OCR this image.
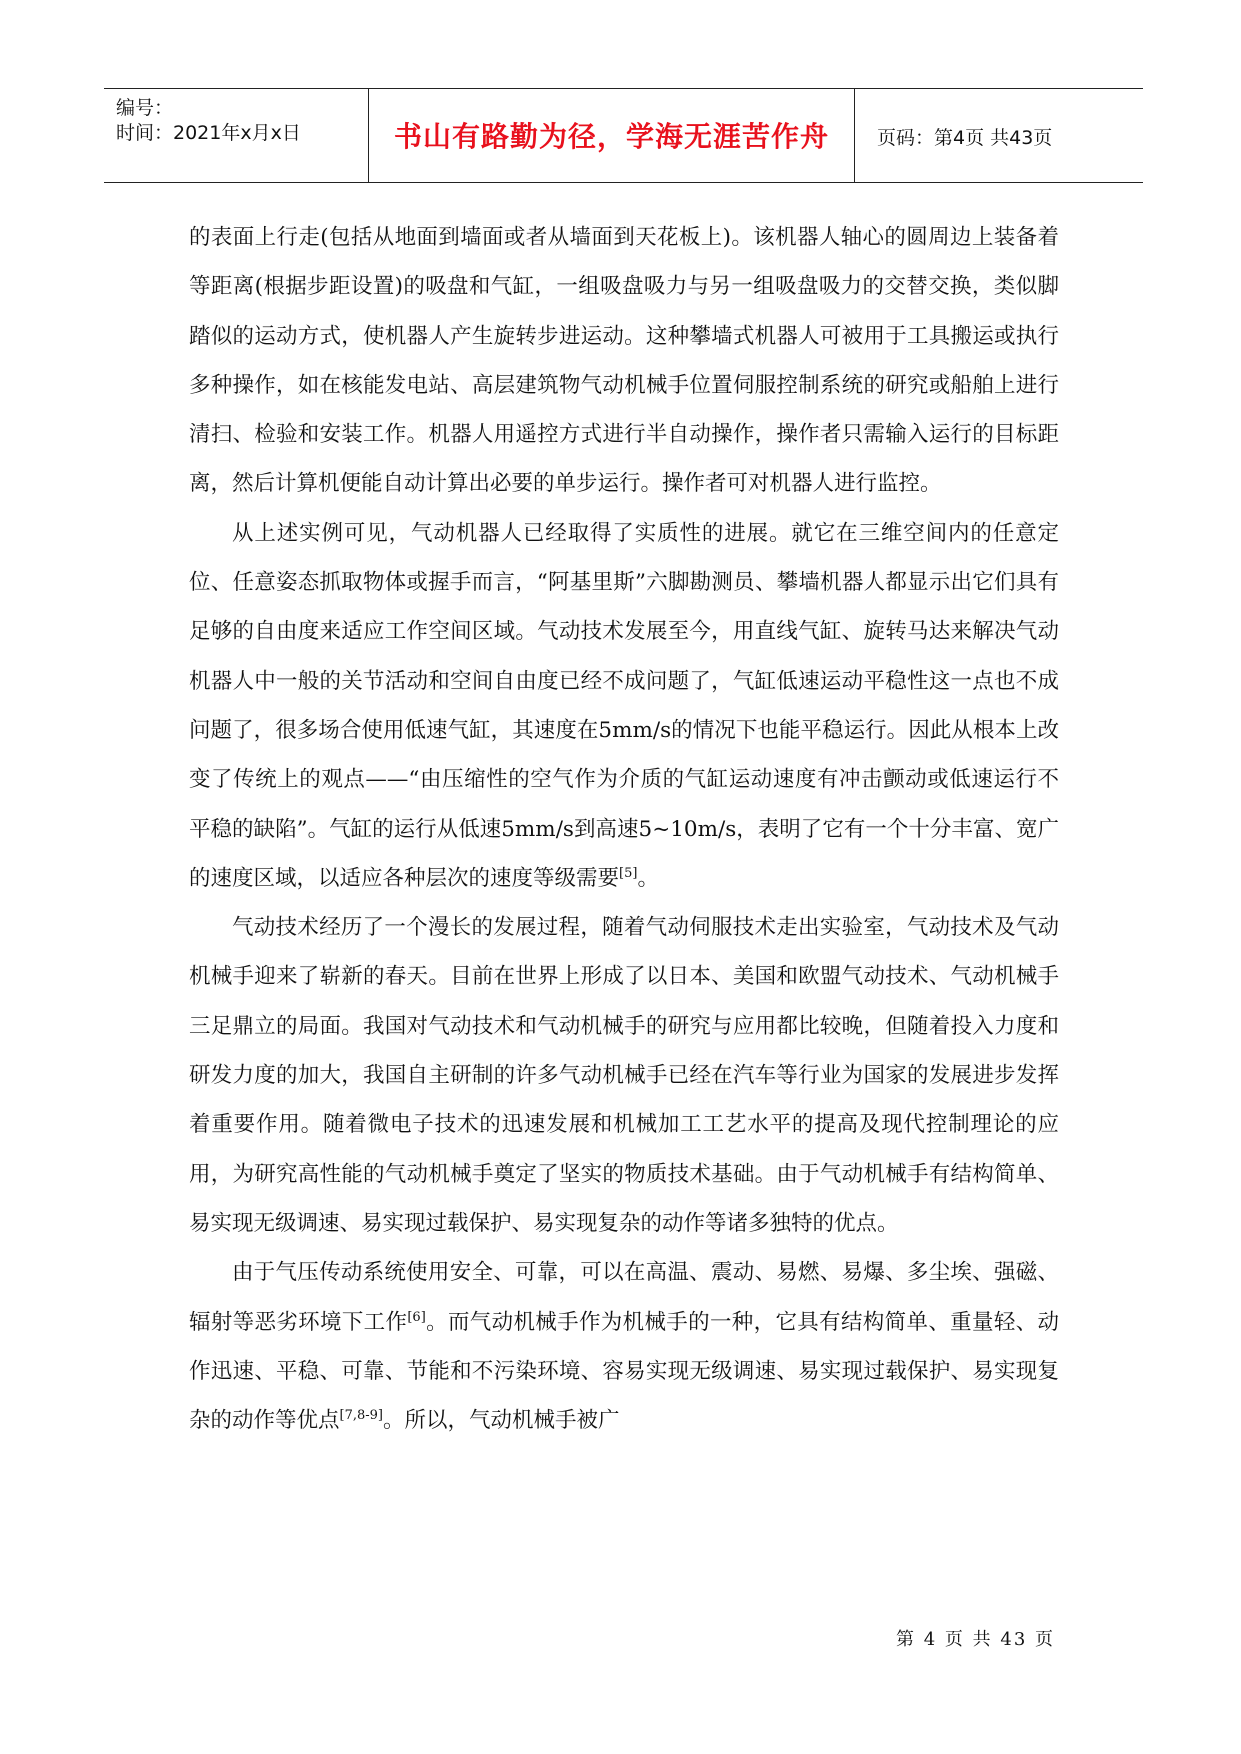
编号：
时间：2021年x月x日	书山有路勤为径，学海无涯苦作舟	页码：第4页 共43页

的表面上行走(包括从地面到墙面或者从墙面到天花板上)。该机器人轴心的圆周边上装备着等距离(根据步距设置)的吸盘和气缸，一组吸盘吸力与另一组吸盘吸力的交替交换，类似脚踏似的运动方式，使机器人产生旋转步进运动。这种攀墙式机器人可被用于工具搬运或执行多种操作，如在核能发电站、高层建筑物气动机械手位置伺服控制系统的研究或船舶上进行清扫、检验和安装工作。机器人用遥控方式进行半自动操作，操作者只需输入运行的目标距离，然后计算机便能自动计算出必要的单步运行。操作者可对机器人进行监控。

从上述实例可见，气动机器人已经取得了实质性的进展。就它在三维空间内的任意定位、任意姿态抓取物体或握手而言，“阿基里斯”六脚勘测员、攀墙机器人都显示出它们具有足够的自由度来适应工作空间区域。气动技术发展至今，用直线气缸、旋转马达来解决气动机器人中一般的关节活动和空间自由度已经不成问题了，气缸低速运动平稳性这一点也不成问题了，很多场合使用低速气缸，其速度在5mm/s的情况下也能平稳运行。因此从根本上改变了传统上的观点——“由压缩性的空气作为介质的气缸运动速度有冲击颤动或低速运行不平稳的缺陷”。气缸的运行从低速5mm/s到高速5~10m/s，表明了它有一个十分丰富、宽广的速度区域，以适应各种层次的速度等级需要[5]。

气动技术经历了一个漫长的发展过程，随着气动伺服技术走出实验室，气动技术及气动机械手迎来了崭新的春天。目前在世界上形成了以日本、美国和欧盟气动技术、气动机械手三足鼎立的局面。我国对气动技术和气动机械手的研究与应用都比较晚，但随着投入力度和研发力度的加大，我国自主研制的许多气动机械手已经在汽车等行业为国家的发展进步发挥着重要作用。随着微电子技术的迅速发展和机械加工工艺水平的提高及现代控制理论的应用，为研究高性能的气动机械手奠定了坚实的物质技术基础。由于气动机械手有结构简单、易实现无级调速、易实现过载保护、易实现复杂的动作等诸多独特的优点。

由于气压传动系统使用安全、可靠，可以在高温、震动、易燃、易爆、多尘埃、强磁、辐射等恶劣环境下工作[6]。而气动机械手作为机械手的一种，它具有结构简单、重量轻、动作迅速、平稳、可靠、节能和不污染环境、容易实现无级调速、易实现过载保护、易实现复杂的动作等优点[7,8-9]。所以，气动机械手被广

第 4 页 共 43 页
